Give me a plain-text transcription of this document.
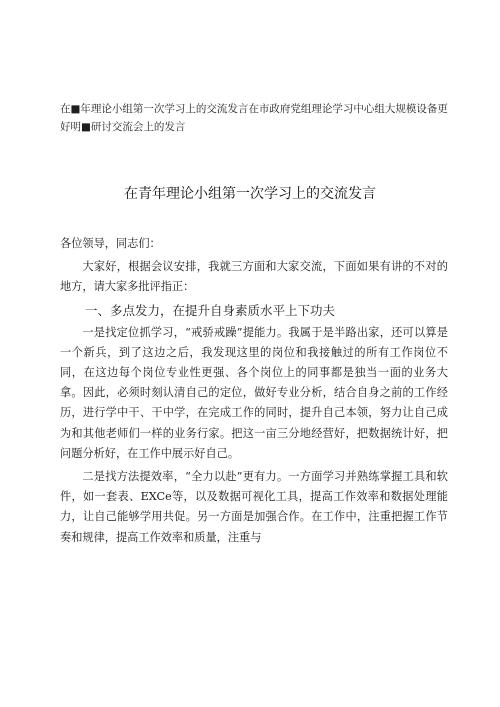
在■年理论小组第一次学习上的交流发言在市政府党组理论学习中心组大规模设备更好明■研讨交流会上的发言
在青年理论小组第一次学习上的交流发言

各位领导，同志们：

大家好，根据会议安排，我就三方面和大家交流，下面如果有讲的不对的地方，请大家多批评指正：

一、多点发力，在提升自身素质水平上下功夫

一是找定位抓学习，“戒骄戒躁”提能力。我属于是半路出家，还可以算是一个新兵，到了这边之后，我发现这里的岗位和我接触过的所有工作岗位不同，在这边每个岗位专业性更强、各个岗位上的同事都是独当一面的业务大拿。因此，必须时刻认清自己的定位，做好专业分析，结合自身之前的工作经历，进行学中干、干中学，在完成工作的同时，提升自己本领，努力让自己成为和其他老师们一样的业务行家。把这一亩三分地经营好，把数据统计好，把问题分析好，在工作中展示好自己。

二是找方法提效率，“全力以赴”更有力。一方面学习并熟练掌握工具和软件，如一套表、EXCe等，以及数据可视化工具，提高工作效率和数据处理能力，让自己能够学用共促。另一方面是加强合作。在工作中，注重把握工作节奏和规律，提高工作效率和质量，注重与
